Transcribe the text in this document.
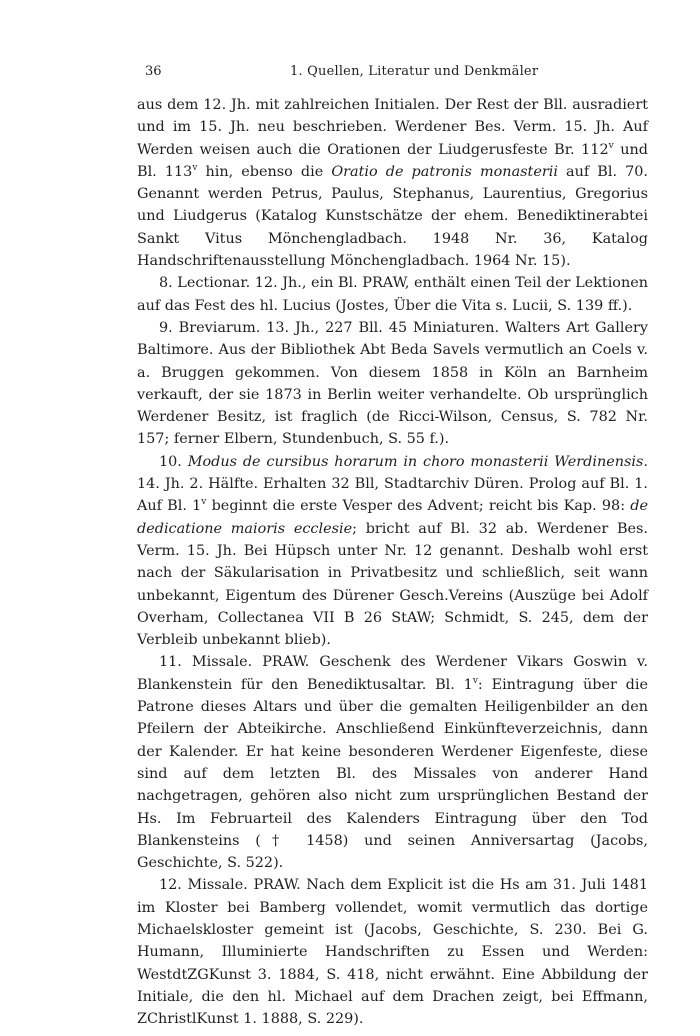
36	1. Quellen, Literatur und Denkmäler

aus dem 12. Jh. mit zahlreichen Initialen. Der Rest der Bll. ausradiert und im 15. Jh. neu beschrieben. Werdener Bes. Verm. 15. Jh. Auf Werden weisen auch die Orationen der Liudgerusfeste Br. 112$^v$ und Bl. 113$^v$ hin, ebenso die Oratio de patronis monasterii auf Bl. 70. Genannt werden Petrus, Paulus, Stephanus, Laurentius, Gregorius und Liudgerus (Katalog Kunstschätze der ehem. Benediktinerabtei Sankt Vitus Mönchengladbach. 1948 Nr. 36, Katalog Handschriftenausstellung Mönchengladbach. 1964 Nr. 15).

8. Lectionar. 12. Jh., ein Bl. PRAW, enthält einen Teil der Lektionen auf das Fest des hl. Lucius (Jostes, Über die Vita s. Lucii, S. 139 ff.).

9. Breviarum. 13. Jh., 227 Bll. 45 Miniaturen. Walters Art Gallery Baltimore. Aus der Bibliothek Abt Beda Savels vermutlich an Coels v. a. Bruggen gekommen. Von diesem 1858 in Köln an Barnheim verkauft, der sie 1873 in Berlin weiter verhandelte. Ob ursprünglich Werdener Besitz, ist fraglich (de Ricci-Wilson, Census, S. 782 Nr. 157; ferner Elbern, Stundenbuch, S. 55 f.).

10. Modus de cursibus horarum in choro monasterii Werdinensis. 14. Jh. 2. Hälfte. Erhalten 32 Bll, Stadtarchiv Düren. Prolog auf Bl. 1. Auf Bl. 1$^v$ beginnt die erste Vesper des Advent; reicht bis Kap. 98: de dedicatione maioris ecclesie; bricht auf Bl. 32 ab. Werdener Bes. Verm. 15. Jh. Bei Hüpsch unter Nr. 12 genannt. Deshalb wohl erst nach der Säkularisation in Privatbesitz und schließlich, seit wann unbekannt, Eigentum des Dürener Gesch.Vereins (Auszüge bei Adolf Overham, Collectanea VII B 26 StAW; Schmidt, S. 245, dem der Verbleib unbekannt blieb).

11. Missale. PRAW. Geschenk des Werdener Vikars Goswin v. Blankenstein für den Benediktusaltar. Bl. 1$^v$: Eintragung über die Patrone dieses Altars und über die gemalten Heiligenbilder an den Pfeilern der Abteikirche. Anschließend Einkünfteverzeichnis, dann der Kalender. Er hat keine besonderen Werdener Eigenfeste, diese sind auf dem letzten Bl. des Missales von anderer Hand nachgetragen, gehören also nicht zum ursprünglichen Bestand der Hs. Im Februarteil des Kalenders Eintragung über den Tod Blankensteins († 1458) und seinen Anniversartag (Jacobs, Geschichte, S. 522).

12. Missale. PRAW. Nach dem Explicit ist die Hs am 31. Juli 1481 im Kloster bei Bamberg vollendet, womit vermutlich das dortige Michaelskloster gemeint ist (Jacobs, Geschichte, S. 230. Bei G. Humann, Illuminierte Handschriften zu Essen und Werden: WestdtZGKunst 3. 1884, S. 418, nicht erwähnt. Eine Abbildung der Initiale, die den hl. Michael auf dem Drachen zeigt, bei Effmann, ZChristlKunst 1. 1888, S. 229).
